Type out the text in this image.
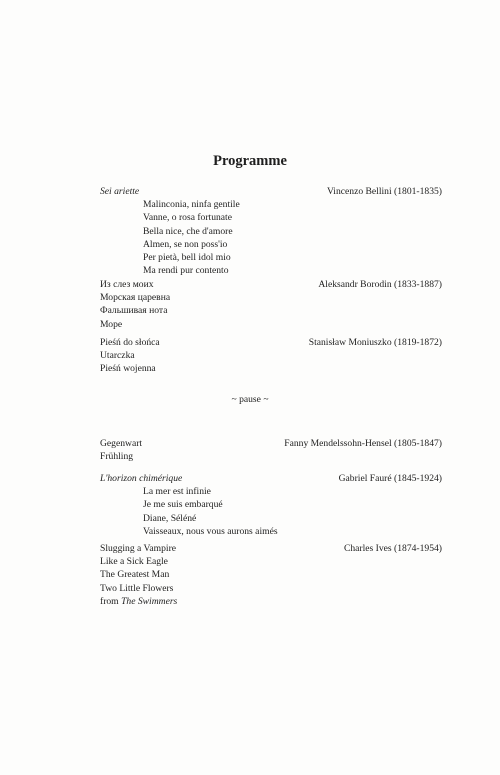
Programme
Sei ariette	Vincenzo Bellini (1801-1835)
Malinconia, ninfa gentile
Vanne, o rosa fortunate
Bella nice, che d'amore
Almen, se non poss'io
Per pietà, bell idol mio
Ma rendi pur contento
Из слез моих	Aleksandr Borodin (1833-1887)
Морская царевна
Фальшивая нота
Море
Pieśń do słońca	Stanisław Moniuszko (1819-1872)
Utarczka
Pieśń wojenna
~ pause ~
Gegenwart	Fanny Mendelssohn-Hensel (1805-1847)
Frühling
L'horizon chimérique	Gabriel Fauré (1845-1924)
La mer est infinie
Je me suis embarqué
Diane, Séléné
Vaisseaux, nous vous aurons aimés
Slugging a Vampire	Charles Ives (1874-1954)
Like a Sick Eagle
The Greatest Man
Two Little Flowers
from The Swimmers
